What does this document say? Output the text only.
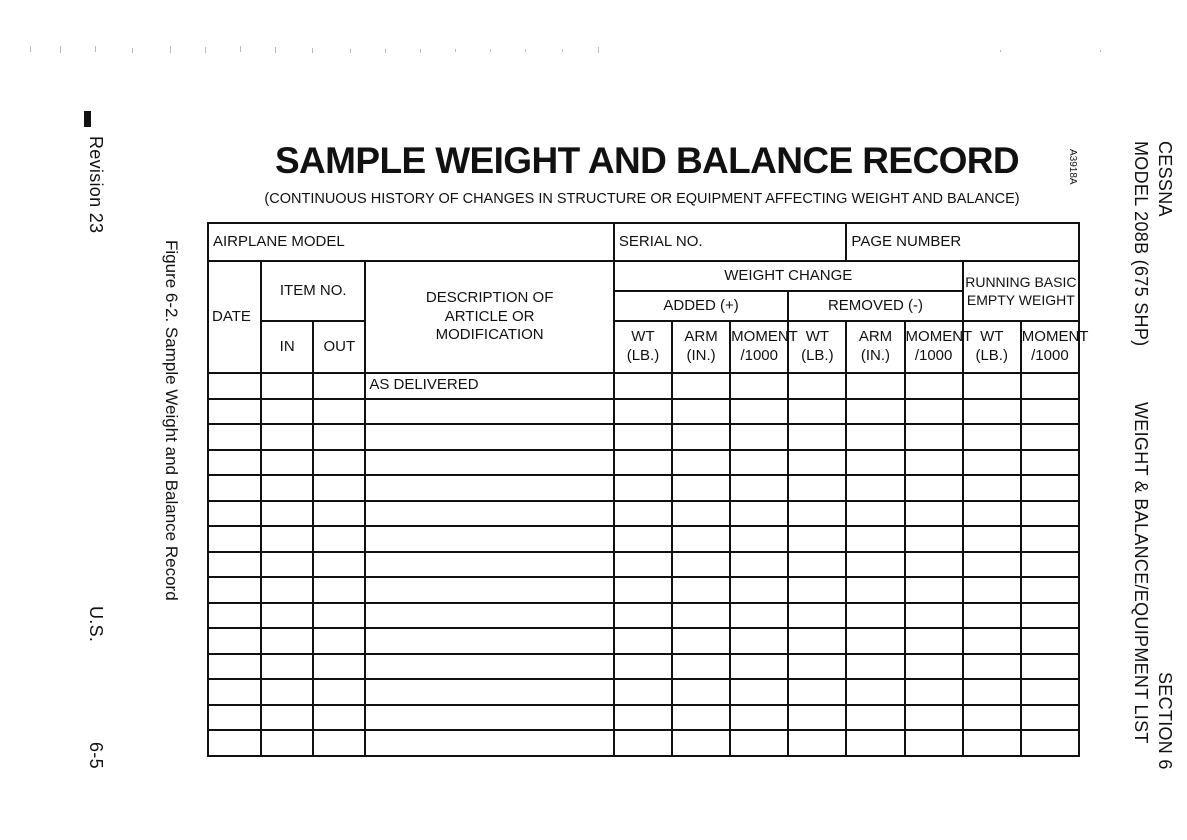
Revision 23
U.S.
6-5
Figure 6-2. Sample Weight and Balance Record
CESSNA
MODEL 208B (675 SHP)
SECTION 6
WEIGHT & BALANCE/EQUIPMENT LIST
A3918A
SAMPLE WEIGHT AND BALANCE RECORD
(CONTINUOUS HISTORY OF CHANGES IN STRUCTURE OR EQUIPMENT AFFECTING WEIGHT AND BALANCE)
AIRPLANE MODEL				SERIAL NO.				PAGE NUMBER			
DATE	ITEM NO.		DESCRIPTION OF ARTICLE OR MODIFICATION	WEIGHT CHANGE						RUNNING BASIC EMPTY WEIGHT	
				ADDED (+)			REMOVED (-)				
	IN	OUT		WT (LB.)	ARM (IN.)	MOMENT /1000	WT (LB.)	ARM (IN.)	MOMENT /1000	WT (LB.)	MOMENT /1000
			AS DELIVERED								
